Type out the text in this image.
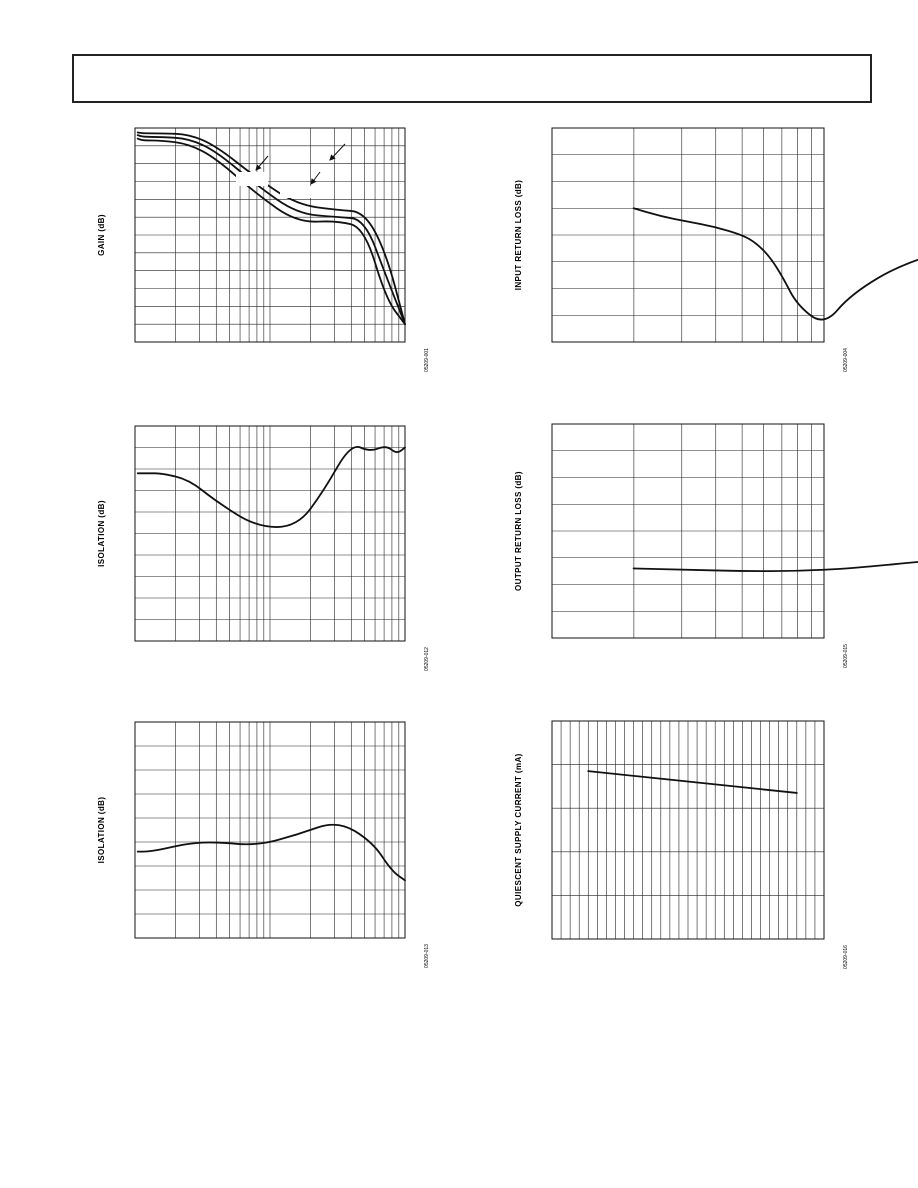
GAIN (dB)
05209-001
INPUT RETURN LOSS (dB)
05209-004
ISOLATION (dB)
05209-012
OUTPUT RETURN LOSS (dB)
05209-015
ISOLATION (dB)
05209-013
QUIESCENT SUPPLY CURRENT (mA)
05209-016
